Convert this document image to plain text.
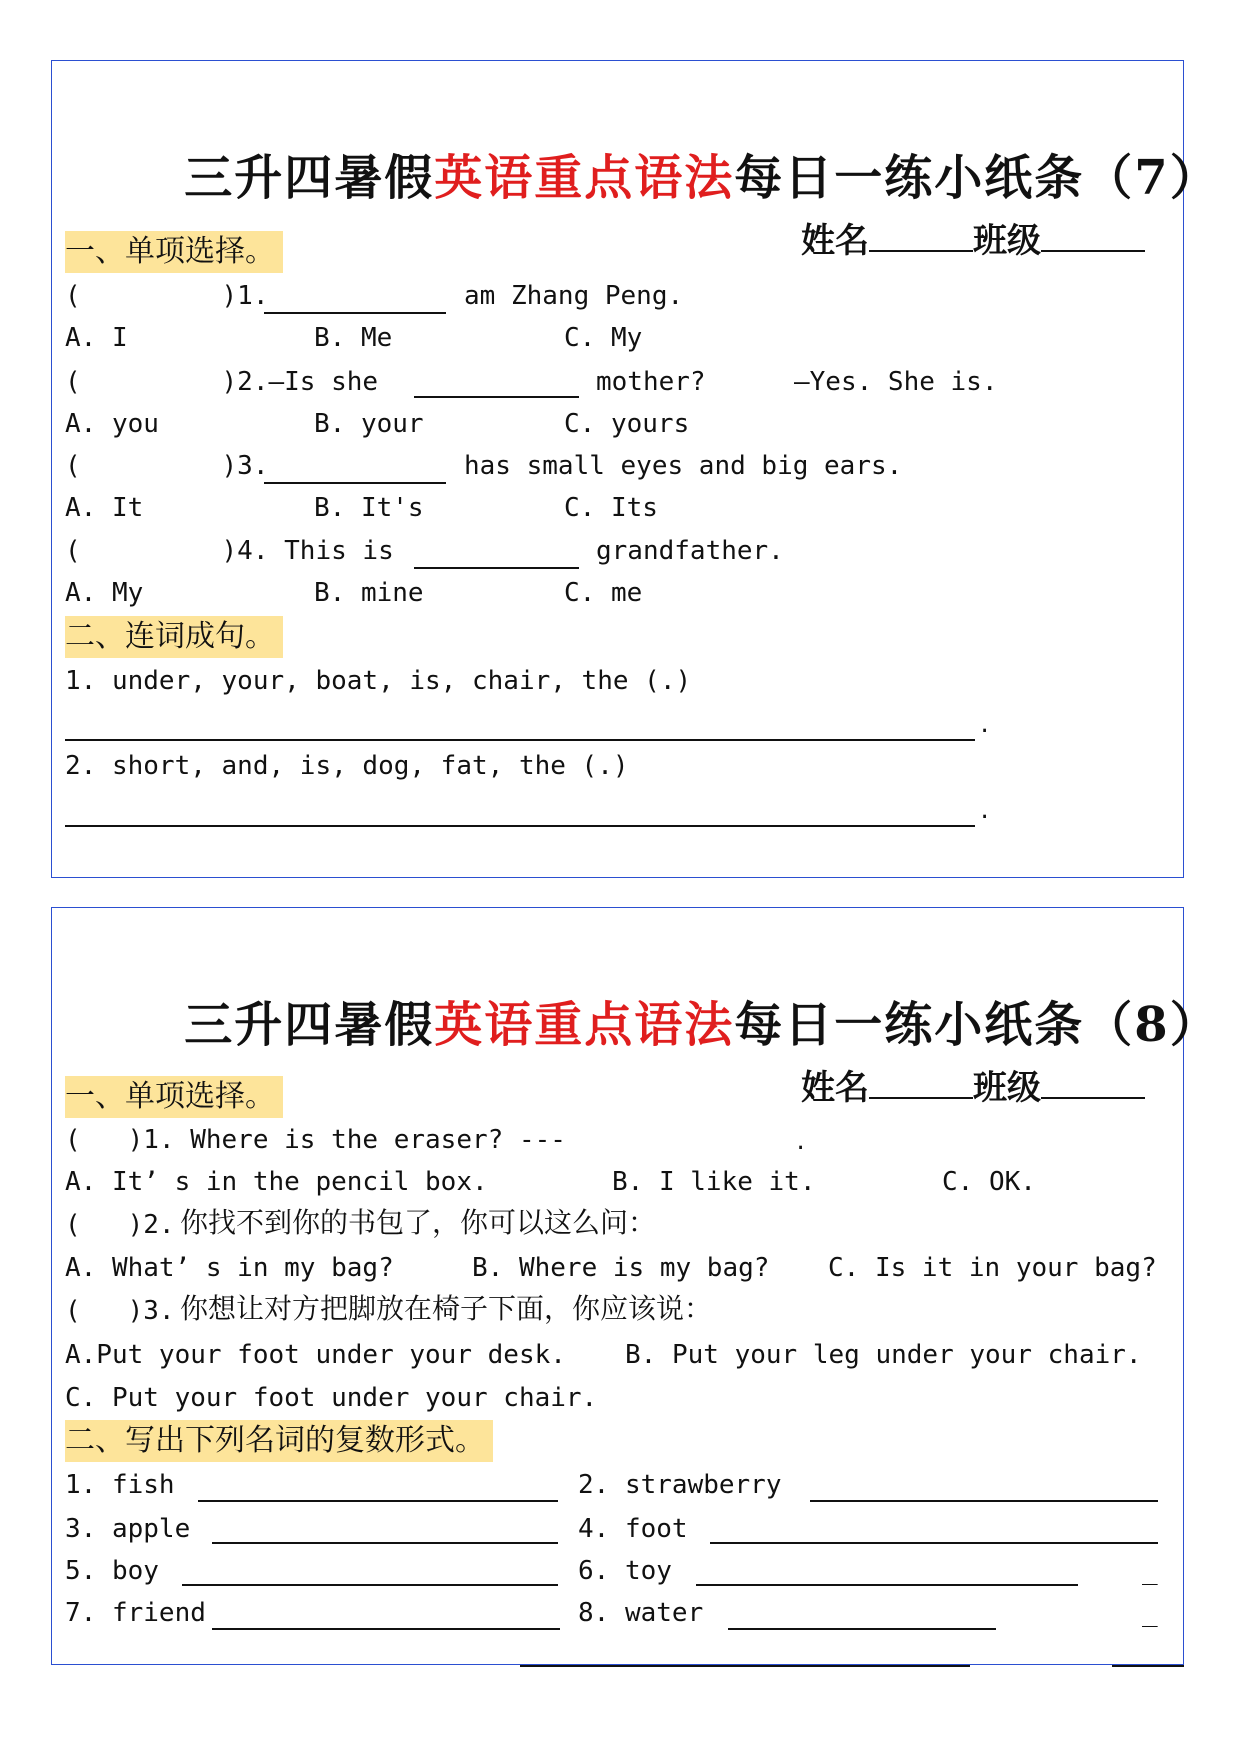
三升四暑假英语重点语法每日一练小纸条（7）

姓名	班级

一、单项选择。
(         )1.	am Zhang Peng.
A. I	B. Me	C. My
(         )2.—Is she	mother?	—Yes. She is.
A. you	B. your	C. yours
(         )3.	has small eyes and big ears.
A. It	B. It's	C. Its
(         )4. This is	grandfather.
A. My	B. mine	C. me
二、连词成句。
1. under, your, boat, is, chair, the (.)
.
2. short, and, is, dog, fat, the (.)
.

三升四暑假英语重点语法每日一练小纸条（8）

姓名	班级

一、单项选择。
(   )1. Where is the eraser? ---	.
A. It’ s in the pencil box.	B. I like it.	C. OK.
(   )2. 你找不到你的书包了，你可以这么问：
A. What’ s in my bag?	B. Where is my bag? C. Is it in your bag?
(   )3. 你想让对方把脚放在椅子下面，你应该说：
A.Put your foot under your desk. B. Put your leg under your chair.
C. Put your foot under your chair.
二、写出下列名词的复数形式。
1. fish	2. strawberry
3. apple	4. foot
5. boy	6. toy	_
7. friend	8. water	_
